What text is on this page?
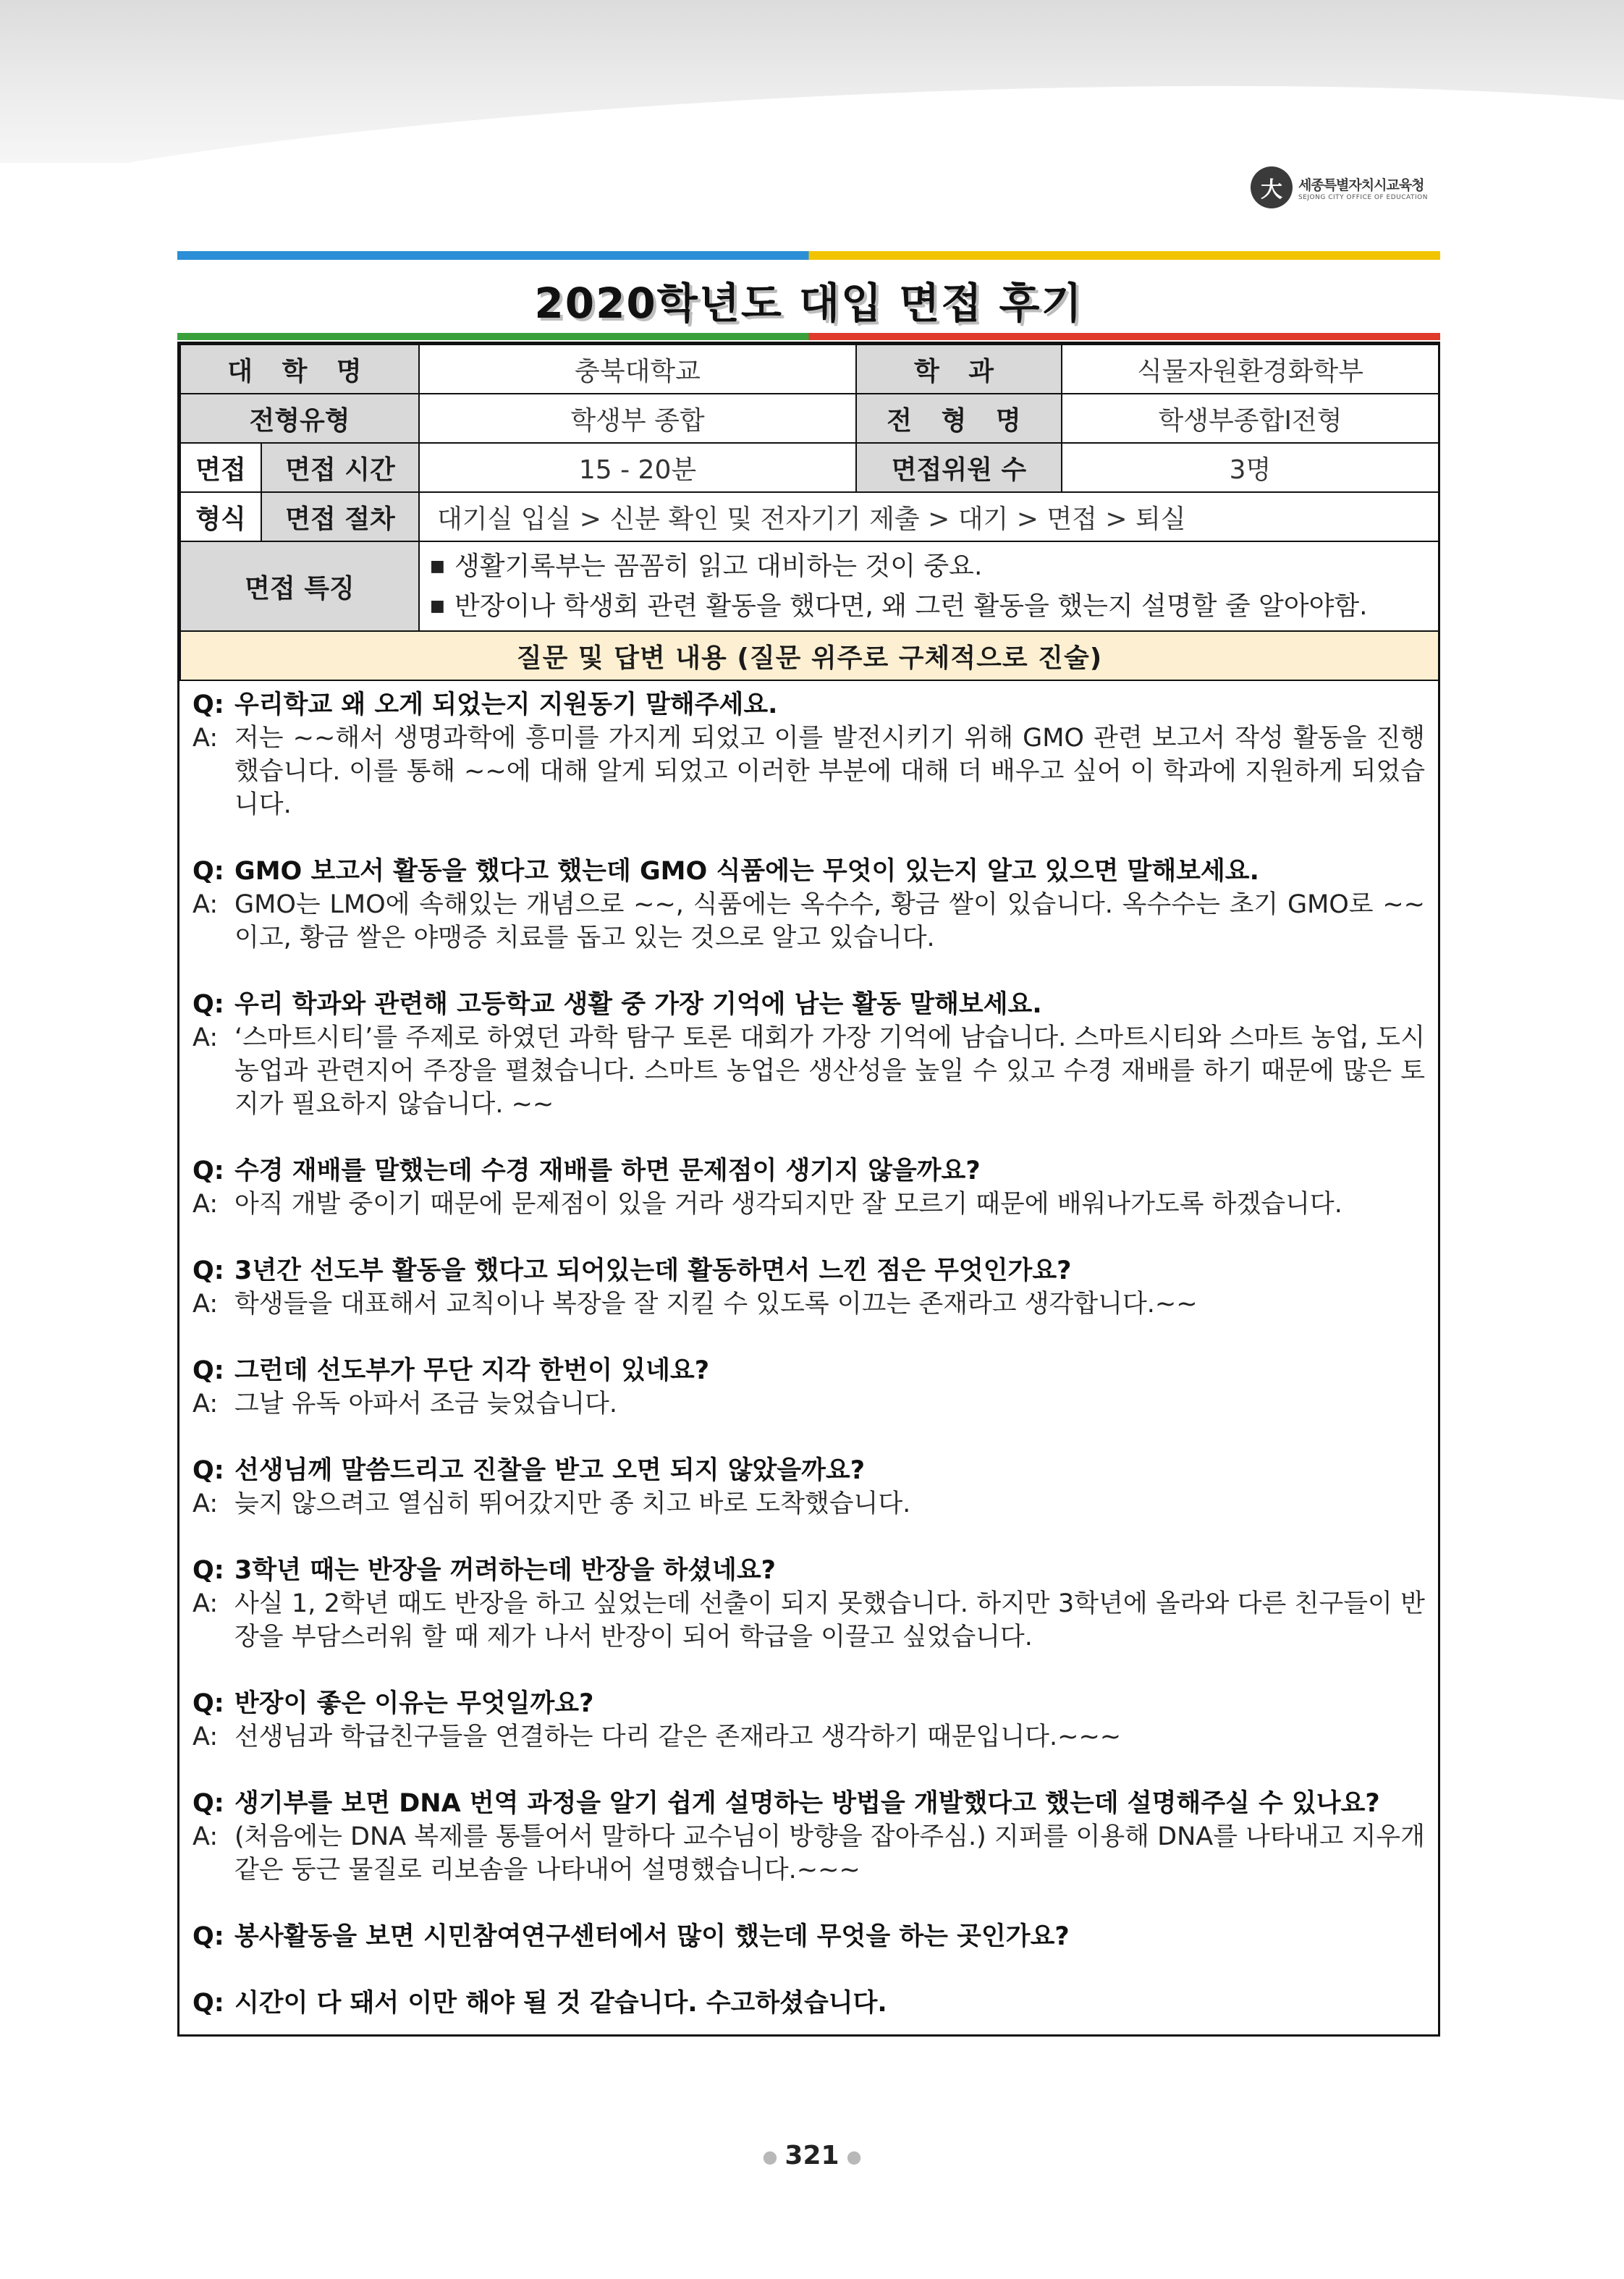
大	세종특별자치시교육청
SEJONG CITY OFFICE OF EDUCATION
2020학년도 대입 면접 후기
대 학 명		충북대학교	학 과	식물자원환경화학부
전형유형		학생부 종합	전 형 명	학생부종합Ⅰ전형
면접	면접 시간	15 - 20분	면접위원 수	3명
형식	면접 절차	대기실 입실 > 신분 확인 및 전자기기 제출 > 대기 > 면접 > 퇴실		
면접 특징		■ 생활기록부는 꼼꼼히 읽고 대비하는 것이 중요.
■ 반장이나 학생회 관련 활동을 했다면, 왜 그런 활동을 했는지 설명할 줄 알아야함.		

질문 및 답변 내용 (질문 위주로 구체적으로 진술)				
Q: 우리학교 왜 오게 되었는지 지원동기 말해주세요.
A: 저는 ~~해서 생명과학에 흥미를 가지게 되었고 이를 발전시키기 위해 GMO 관련 보고서 작성 활동을 진행했습니다. 이를 통해 ~~에 대해 알게 되었고 이러한 부분에 대해 더 배우고 싶어 이 학과에 지원하게 되었습니다.
Q: GMO 보고서 활동을 했다고 했는데 GMO 식품에는 무엇이 있는지 알고 있으면 말해보세요.
A: GMO는 LMO에 속해있는 개념으로 ~~, 식품에는 옥수수, 황금 쌀이 있습니다. 옥수수는 초기 GMO로 ~~이고, 황금 쌀은 야맹증 치료를 돕고 있는 것으로 알고 있습니다.
Q: 우리 학과와 관련해 고등학교 생활 중 가장 기억에 남는 활동 말해보세요.
A: ‘스마트시티’를 주제로 하였던 과학 탐구 토론 대회가 가장 기억에 남습니다. 스마트시티와 스마트 농업, 도시 농업과 관련지어 주장을 펼쳤습니다. 스마트 농업은 생산성을 높일 수 있고 수경 재배를 하기 때문에 많은 토지가 필요하지 않습니다. ~~
Q: 수경 재배를 말했는데 수경 재배를 하면 문제점이 생기지 않을까요?
A: 아직 개발 중이기 때문에 문제점이 있을 거라 생각되지만 잘 모르기 때문에 배워나가도록 하겠습니다.
Q: 3년간 선도부 활동을 했다고 되어있는데 활동하면서 느낀 점은 무엇인가요?
A: 학생들을 대표해서 교칙이나 복장을 잘 지킬 수 있도록 이끄는 존재라고 생각합니다.~~
Q: 그런데 선도부가 무단 지각 한번이 있네요?
A: 그날 유독 아파서 조금 늦었습니다.
Q: 선생님께 말씀드리고 진찰을 받고 오면 되지 않았을까요?
A: 늦지 않으려고 열심히 뛰어갔지만 종 치고 바로 도착했습니다.
Q: 3학년 때는 반장을 꺼려하는데 반장을 하셨네요?
A: 사실 1, 2학년 때도 반장을 하고 싶었는데 선출이 되지 못했습니다. 하지만 3학년에 올라와 다른 친구들이 반장을 부담스러워 할 때 제가 나서 반장이 되어 학급을 이끌고 싶었습니다.
Q: 반장이 좋은 이유는 무엇일까요?
A: 선생님과 학급친구들을 연결하는 다리 같은 존재라고 생각하기 때문입니다.~~~
Q: 생기부를 보면 DNA 번역 과정을 알기 쉽게 설명하는 방법을 개발했다고 했는데 설명해주실 수 있나요?
A: (처음에는 DNA 복제를 통틀어서 말하다 교수님이 방향을 잡아주심.) 지퍼를 이용해 DNA를 나타내고 지우개 같은 둥근 물질로 리보솜을 나타내어 설명했습니다.~~~
Q: 봉사활동을 보면 시민참여연구센터에서 많이 했는데 무엇을 하는 곳인가요?
Q: 시간이 다 돼서 이만 해야 될 것 같습니다. 수고하셨습니다.
● 321 ●
